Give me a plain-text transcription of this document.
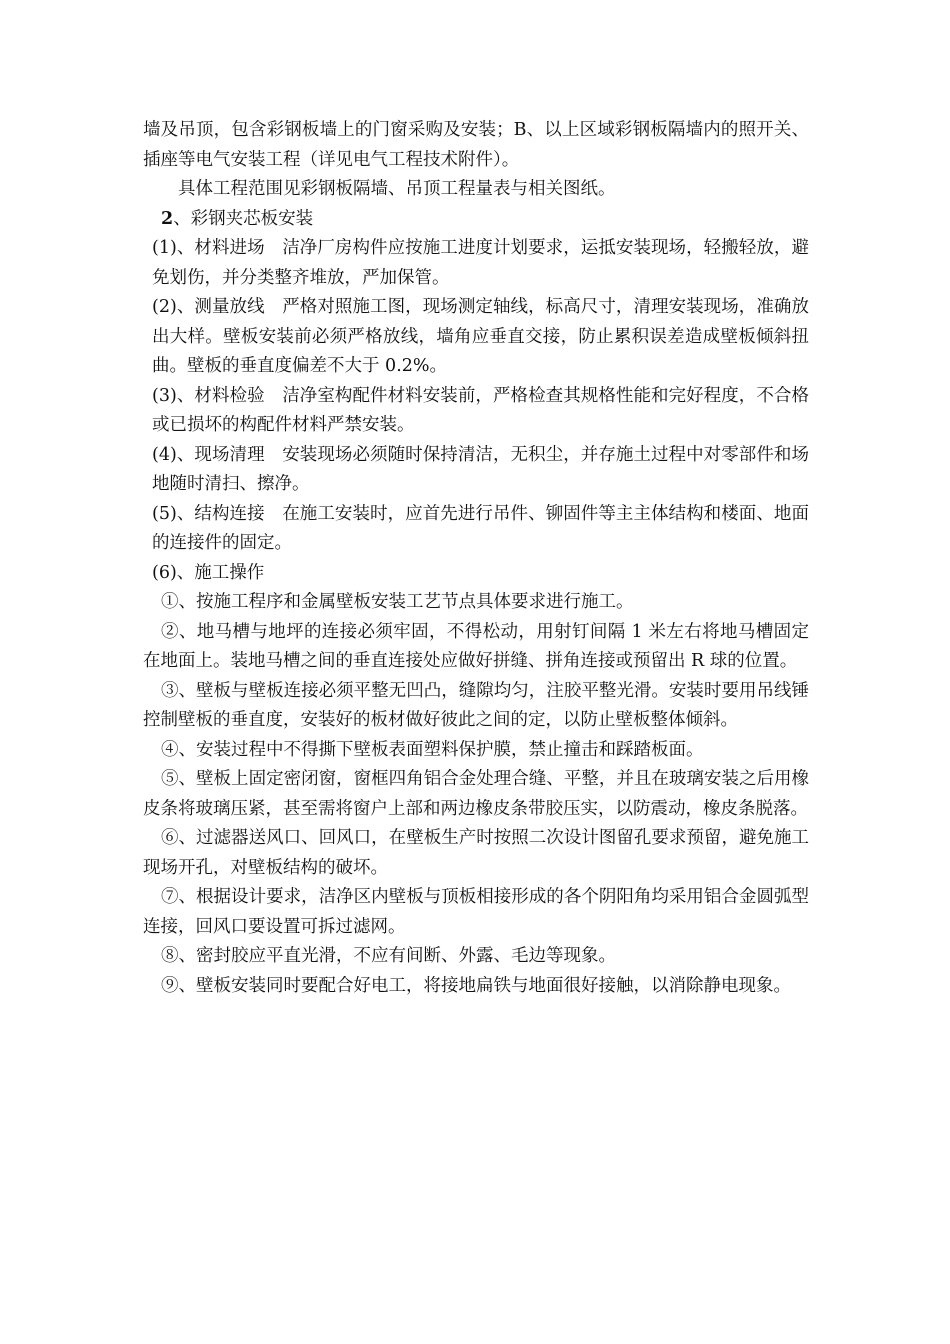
墙及吊顶，包含彩钢板墙上的门窗采购及安装；B、以上区域彩钢板隔墙内的照开关、插座等电气安装工程（详见电气工程技术附件）。

具体工程范围见彩钢板隔墙、吊顶工程量表与相关图纸。

2、彩钢夹芯板安装

(1)、材料进场　洁净厂房构件应按施工进度计划要求，运抵安装现场，轻搬轻放，避免划伤，并分类整齐堆放，严加保管。

(2)、测量放线　严格对照施工图，现场测定轴线，标高尺寸，清理安装现场，准确放出大样。壁板安装前必须严格放线，墙角应垂直交接，防止累积误差造成壁板倾斜扭曲。壁板的垂直度偏差不大于 0.2%。

(3)、材料检验　洁净室构配件材料安装前，严格检查其规格性能和完好程度，不合格或已损坏的构配件材料严禁安装。

(4)、现场清理　安装现场必须随时保持清洁，无积尘，并存施土过程中对零部件和场地随时清扫、擦净。

(5)、结构连接　在施工安装时，应首先进行吊件、铆固件等主主体结构和楼面、地面的连接件的固定。

(6)、施工操作

①、按施工程序和金属壁板安装工艺节点具体要求进行施工。

②、地马槽与地坪的连接必须牢固，不得松动，用射钉间隔 1 米左右将地马槽固定在地面上。装地马槽之间的垂直连接处应做好拼缝、拼角连接或预留出 R 球的位置。

③、壁板与壁板连接必须平整无凹凸，缝隙均匀，注胶平整光滑。安装时要用吊线锤控制壁板的垂直度，安装好的板材做好彼此之间的定，以防止壁板整体倾斜。

④、安装过程中不得撕下壁板表面塑料保护膜，禁止撞击和踩踏板面。

⑤、壁板上固定密闭窗，窗框四角铝合金处理合缝、平整，并且在玻璃安装之后用橡皮条将玻璃压紧，甚至需将窗户上部和两边橡皮条带胶压实，以防震动，橡皮条脱落。

⑥、过滤器送风口、回风口，在壁板生产时按照二次设计图留孔要求预留，避免施工现场开孔，对壁板结构的破坏。

⑦、根据设计要求，洁净区内壁板与顶板相接形成的各个阴阳角均采用铝合金圆弧型连接，回风口要设置可拆过滤网。

⑧、密封胶应平直光滑，不应有间断、外露、毛边等现象。

⑨、壁板安装同时要配合好电工，将接地扁铁与地面很好接触，以消除静电现象。
